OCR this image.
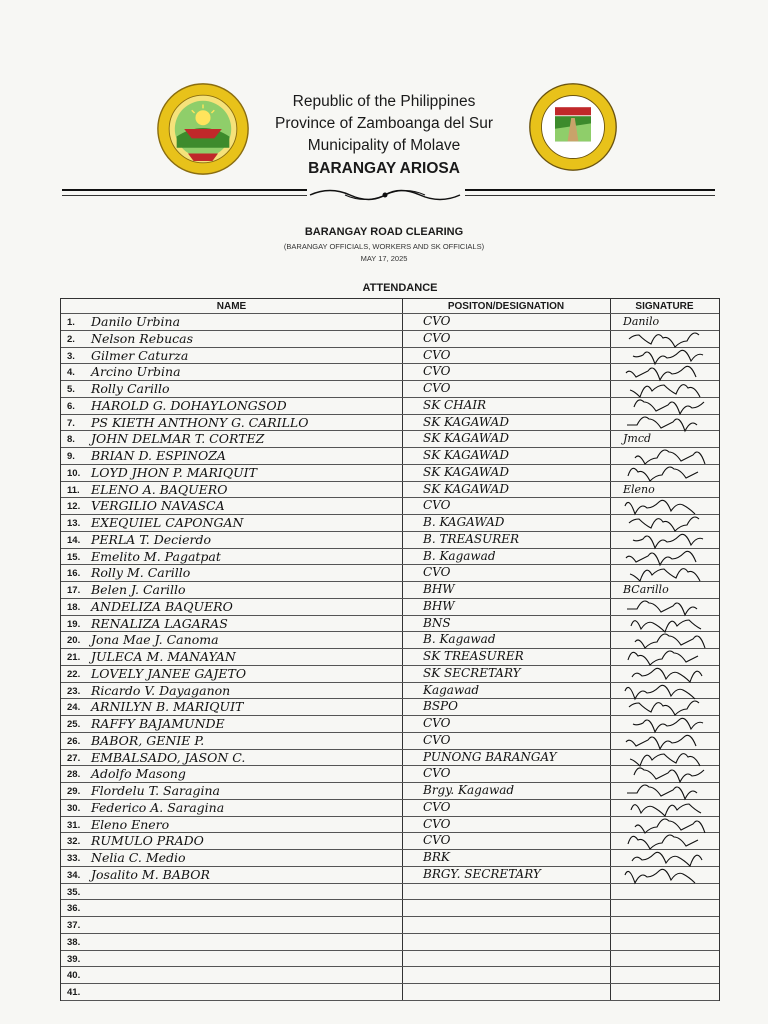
Republic of the Philippines
Province of Zamboanga del Sur
Municipality of Molave
BARANGAY ARIOSA
BARANGAY ROAD CLEARING
(BARANGAY OFFICIALS, WORKERS AND SK OFFICIALS)
MAY 17, 2025
ATTENDANCE
NAME	POSITON/DESIGNATION	SIGNATURE
1. Danilo Urbina	CVO	Danilo
2. Nelson Rebucas	CVO
3. Gilmer Caturza	CVO
4. Arcino Urbina	CVO
5. Rolly Carillo	CVO
6. HAROLD G. DOHAYLONGSOD	SK CHAIR
7. PS KIETH ANTHONY G. CARILLO	SK KAGAWAD
8. JOHN DELMAR T. CORTEZ	SK KAGAWAD	Jmcd
9. BRIAN D. ESPINOZA	SK KAGAWAD
10. LOYD JHON P. MARIQUIT	SK KAGAWAD
11. ELENO A. BAQUERO	SK KAGAWAD	Eleno
12. VERGILIO NAVASCA	CVO
13. EXEQUIEL CAPONGAN	B. KAGAWAD
14. PERLA T. Decierdo	B. TREASURER
15. Emelito M. Pagatpat	B. Kagawad
16. Rolly M. Carillo	CVO
17. Belen J. Carillo	BHW	BCarillo
18. ANDELIZA BAQUERO	BHW
19. RENALIZA LAGARAS	BNS
20. Jona Mae J. Canoma	B. Kagawad
21. JULECA M. MANAYAN	SK TREASURER
22. LOVELY JANEE GAJETO	SK SECRETARY
23. Ricardo V. Dayaganon	Kagawad
24. ARNILYN B. MARIQUIT	BSPO
25. RAFFY BAJAMUNDE	CVO
26. BABOR, GENIE P.	CVO
27. EMBALSADO, JASON C.	PUNONG BARANGAY
28. Adolfo Masong	CVO
29. Flordelu T. Saragina	Brgy. Kagawad
30. Federico A. Saragina	CVO
31. Eleno Enero	CVO
32. RUMULO PRADO	CVO
33. Nelia C. Medio	BRK
34. Josalito M. BABOR	BRGY. SECRETARY
35.
36.
37.
38.
39.
40.
41.
